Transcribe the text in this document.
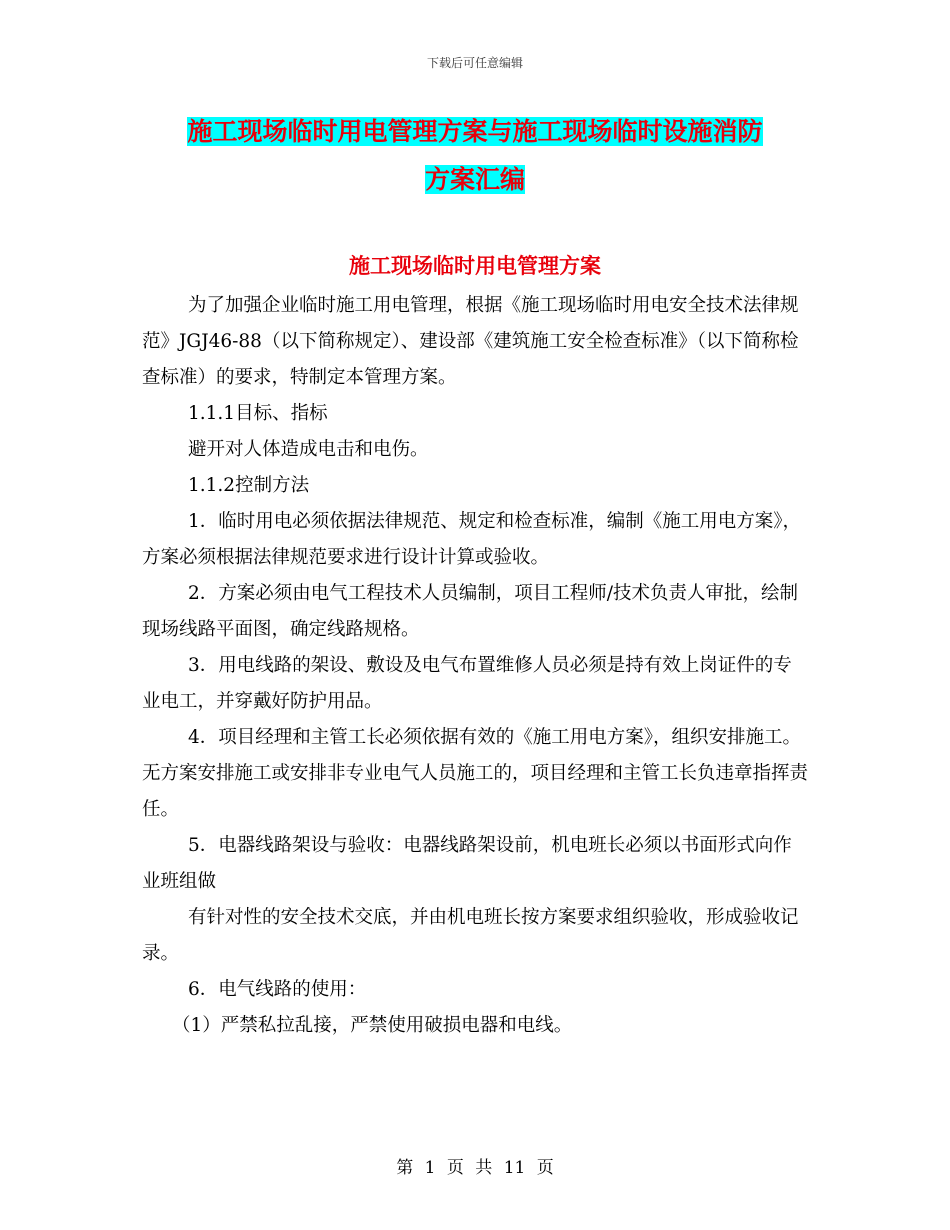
下载后可任意编辑
施工现场临时用电管理方案与施工现场临时设施消防
方案汇编
施工现场临时用电管理方案

为了加强企业临时施工用电管理，根据《施工现场临时用电安全技术法律规范》JGJ46-88（以下简称规定）、建设部《建筑施工安全检查标准》（以下简称检查标准）的要求，特制定本管理方案。

1.1.1目标、指标

避开对人体造成电击和电伤。

1.1.2控制方法

1．临时用电必须依据法律规范、规定和检查标准，编制《施工用电方案》，方案必须根据法律规范要求进行设计计算或验收。

2．方案必须由电气工程技术人员编制，项目工程师/技术负责人审批，绘制现场线路平面图，确定线路规格。

3．用电线路的架设、敷设及电气布置维修人员必须是持有效上岗证件的专业电工，并穿戴好防护用品。

4．项目经理和主管工长必须依据有效的《施工用电方案》，组织安排施工。无方案安排施工或安排非专业电气人员施工的，项目经理和主管工长负违章指挥责任。

5．电器线路架设与验收：电器线路架设前，机电班长必须以书面形式向作业班组做

有针对性的安全技术交底，并由机电班长按方案要求组织验收，形成验收记录。

6．电气线路的使用：

（1）严禁私拉乱接，严禁使用破损电器和电线。

第 1 页 共 11 页
